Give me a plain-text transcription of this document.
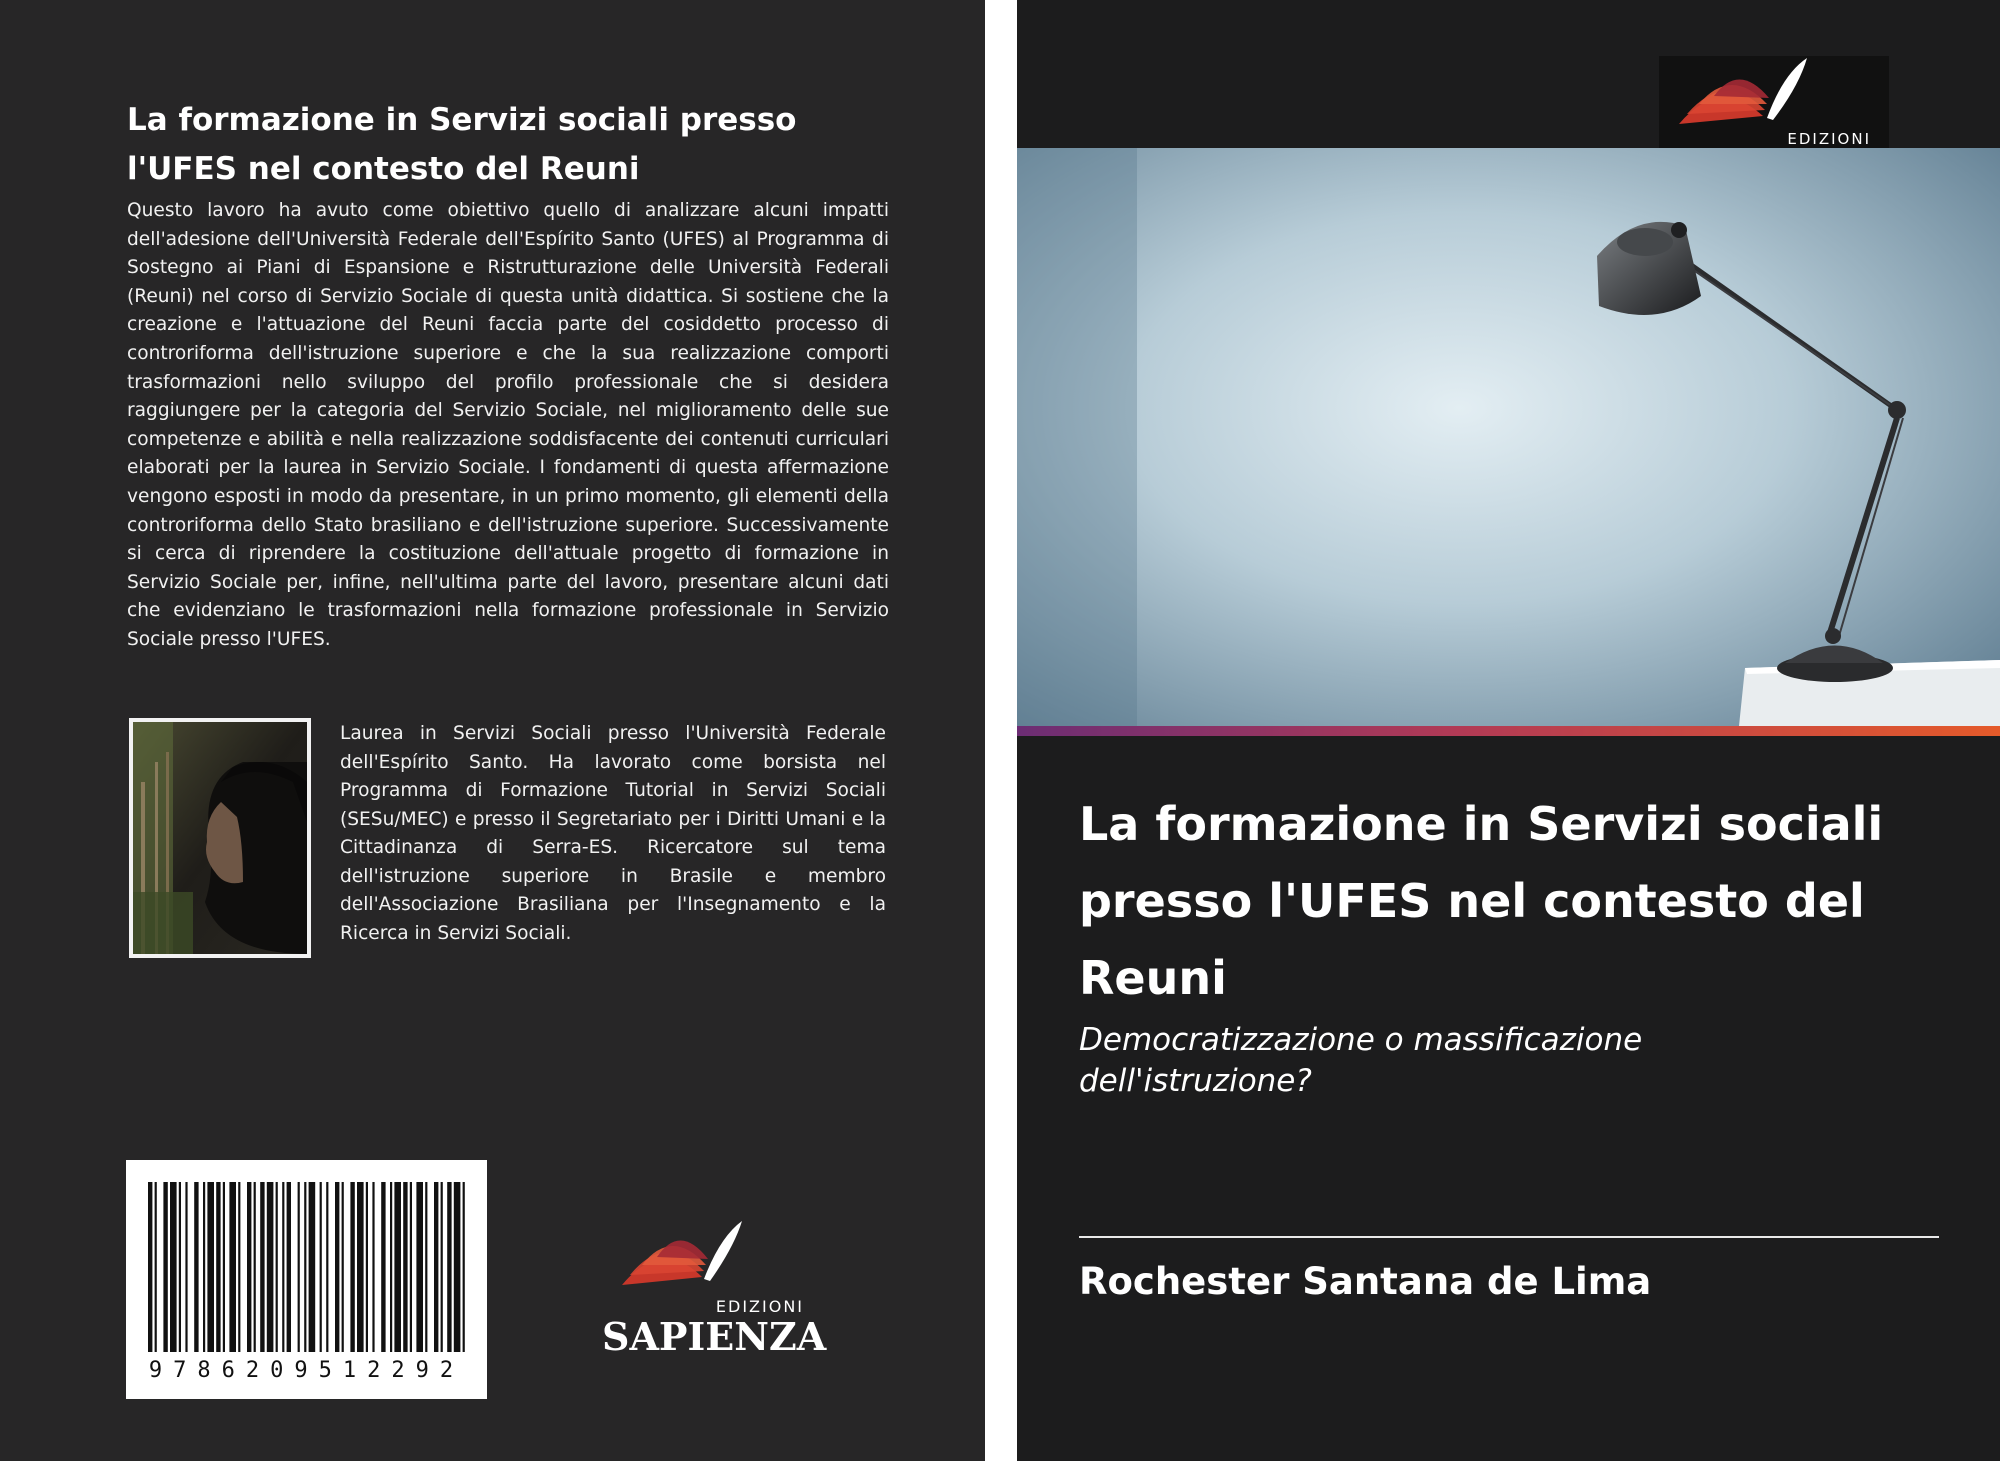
La formazione in Servizi sociali presso l'UFES nel contesto del Reuni

Questo lavoro ha avuto come obiettivo quello di analizzare alcuni impatti dell'adesione dell'Università Federale dell'Espírito Santo (UFES) al Programma di Sostegno ai Piani di Espansione e Ristrutturazione delle Università Federali (Reuni) nel corso di Servizio Sociale di questa unità didattica. Si sostiene che la creazione e l'attuazione del Reuni faccia parte del cosiddetto processo di controriforma dell'istruzione superiore e che la sua realizzazione comporti trasformazioni nello sviluppo del profilo professionale che si desidera raggiungere per la categoria del Servizio Sociale, nel miglioramento delle sue competenze e abilità e nella realizzazione soddisfacente dei contenuti curriculari elaborati per la laurea in Servizio Sociale. I fondamenti di questa affermazione vengono esposti in modo da presentare, in un primo momento, gli elementi della controriforma dello Stato brasiliano e dell'istruzione superiore. Successivamente si cerca di riprendere la costituzione dell'attuale progetto di formazione in Servizio Sociale per, infine, nell'ultima parte del lavoro, presentare alcuni dati che evidenziano le trasformazioni nella formazione professionale in Servizio Sociale presso l'UFES.

Laurea in Servizi Sociali presso l'Università Federale dell'Espírito Santo. Ha lavorato come borsista nel Programma di Formazione Tutorial in Servizi Sociali (SESu/MEC) e presso il Segretariato per i Diritti Umani e la Cittadinanza di Serra-ES. Ricercatore sul tema dell'istruzione superiore in Brasile e membro dell'Associazione Brasiliana per l'Insegnamento e la Ricerca in Servizi Sociali.

9786209512292
EDIZIONI
SAPIENZA
EDIZIONI
La formazione in Servizi sociali presso l'UFES nel contesto del Reuni

Democratizzazione o massificazione dell'istruzione?

Rochester Santana de Lima
